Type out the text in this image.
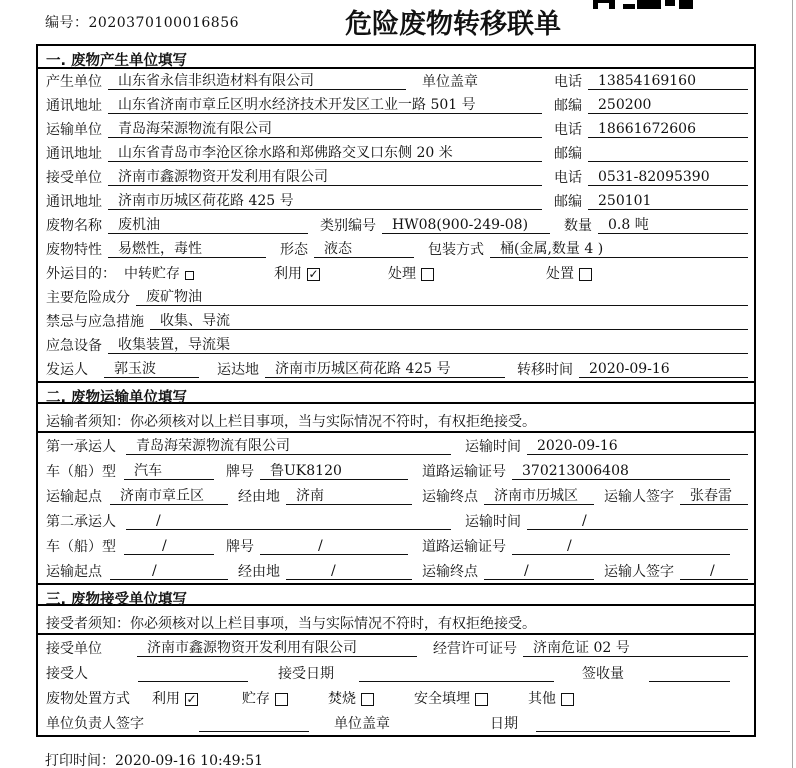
编号：2020370100016856	危险废物转移联单
一. 废物产生单位填写
产生单位	山东省永信非织造材料有限公司	单位盖章	电话	13854169160
通讯地址	山东省济南市章丘区明水经济技术开发区工业一路 501 号	邮编	250200
运输单位	青岛海荣源物流有限公司	电话	18661672606
通讯地址	山东省青岛市李沧区徐水路和郑佛路交叉口东侧 20 米	邮编
接受单位	济南市鑫源物资开发利用有限公司	电话	0531-82095390
通讯地址	济南市历城区荷花路 425 号	邮编	250101
废物名称	废机油	类别编号	HW08(900-249-08)	数量	0.8 吨
废物特性	易燃性，毒性	形态	液态	包装方式	桶(金属,数量 4 )
外运目的： 中转贮存	利用 ✓	处理	处置
主要危险成分	废矿物油
禁忌与应急措施	收集、导流
应急设备	收集装置，导流渠
发运人	郭玉波	运达地	济南市历城区荷花路 425 号	转移时间	2020-09-16
二. 废物运输单位填写
运输者须知：你必须核对以上栏目事项，当与实际情况不符时，有权拒绝接受。
第一承运人	青岛海荣源物流有限公司	运输时间	2020-09-16
车（船）型	汽车	牌号	鲁UK8120	道路运输证号	370213006408
运输起点	济南市章丘区	经由地	济南	运输终点	济南市历城区	运输人签字	张春雷
第二承运人	/	运输时间	/
车（船）型	/	牌号	/	道路运输证号	/
运输起点	/	经由地	/	运输终点	/	运输人签字	/
三. 废物接受单位填写
接受者须知：你必须核对以上栏目事项，当与实际情况不符时，有权拒绝接受。
接受单位	济南市鑫源物资开发利用有限公司	经营许可证号	济南危证 02 号
接受人	接受日期	签收量
废物处置方式 利用 ✓	贮存	焚烧	安全填埋	其他
单位负责人签字	单位盖章	日期
打印时间：2020-09-16 10:49:51
